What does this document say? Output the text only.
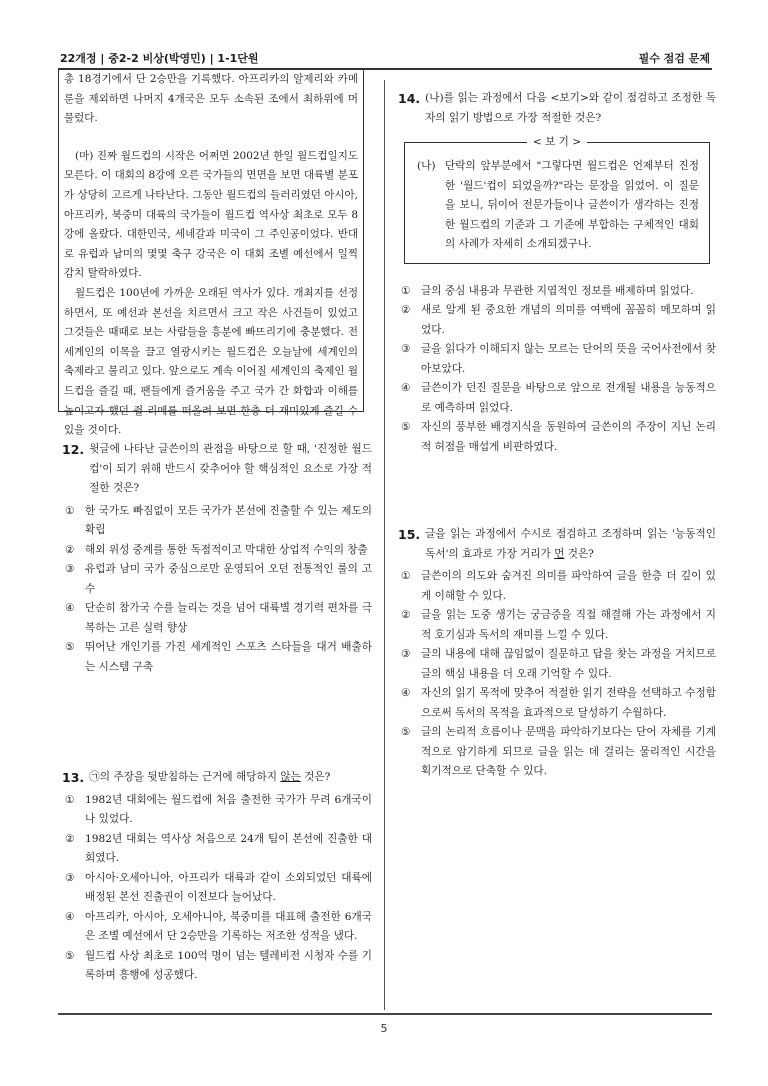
22개정 | 중2-2 비상(박영민) | 1-1단원	필수 점검 문제

총 18경기에서 단 2승만을 기록했다. 아프리카의 알제리와 카메룬을 제외하면 나머지 4개국은 모두 소속된 조에서 최하위에 머물렀다.

(마) 진짜 월드컵의 시작은 어쩌면 2002년 한일 월드컵일지도 모른다. 이 대회의 8강에 오른 국가들의 면면을 보면 대륙별 분포가 상당히 고르게 나타난다. 그동안 월드컵의 들러리였던 아시아, 아프리카, 북중미 대륙의 국가들이 월드컵 역사상 최초로 모두 8강에 올랐다. 대한민국, 세네갈과 미국이 그 주인공이었다. 반대로 유럽과 남미의 몇몇 축구 강국은 이 대회 조별 예선에서 일찍감치 탈락하였다.

월드컵은 100년에 가까운 오래된 역사가 있다. 개최지를 선정하면서, 또 예선과 본선을 치르면서 크고 작은 사건들이 있었고 그것들은 때때로 보는 사람들을 흥분에 빠뜨리기에 충분했다. 전 세계인의 이목을 끌고 열광시키는 월드컵은 오늘날에 세계인의 축제라고 불리고 있다. 앞으로도 계속 이어질 세계인의 축제인 월드컵을 즐길 때, 팬들에게 즐거움을 주고 국가 간 화합과 이해를 높이고자 했던 쥘 리메를 떠올려 보면 한층 더 재미있게 즐길 수 있을 것이다.

12. 윗글에 나타난 글쓴이의 관점을 바탕으로 할 때, '진정한 월드컵'이 되기 위해 반드시 갖추어야 할 핵심적인 요소로 가장 적절한 것은?
① 한 국가도 빠짐없이 모든 국가가 본선에 진출할 수 있는 제도의 확립
② 해외 위성 중계를 통한 독점적이고 막대한 상업적 수익의 창출
③ 유럽과 남미 국가 중심으로만 운영되어 오던 전통적인 룰의 고수
④ 단순히 참가국 수를 늘리는 것을 넘어 대륙별 경기력 편차를 극복하는 고른 실력 향상
⑤ 뛰어난 개인기를 가진 세계적인 스포츠 스타들을 대거 배출하는 시스템 구축
13. ㉠의 주장을 뒷받침하는 근거에 해당하지 않는 것은?
① 1982년 대회에는 월드컵에 처음 출전한 국가가 무려 6개국이나 있었다.
② 1982년 대회는 역사상 처음으로 24개 팀이 본선에 진출한 대회였다.
③ 아시아·오세아니아, 아프리카 대륙과 같이 소외되었던 대륙에 배정된 본선 진출권이 이전보다 늘어났다.
④ 아프리카, 아시아, 오세아니아, 북중미를 대표해 출전한 6개국은 조별 예선에서 단 2승만을 기록하는 저조한 성적을 냈다.
⑤ 월드컵 사상 최초로 100억 명이 넘는 텔레비전 시청자 수를 기록하며 흥행에 성공했다.
14. (나)를 읽는 과정에서 다음 <보기>와 같이 점검하고 조정한 독자의 읽기 방법으로 가장 적절한 것은?
< 보 기 >
(나) 단락의 앞부분에서 "그렇다면 월드컵은 언제부터 진정한 '월드'컵이 되었을까?"라는 문장을 읽었어. 이 질문을 보니, 뒤이어 전문가들이나 글쓴이가 생각하는 진정한 월드컵의 기준과 그 기준에 부합하는 구체적인 대회의 사례가 자세히 소개되겠구나.

① 글의 중심 내용과 무관한 지엽적인 정보를 배제하며 읽었다.
② 새로 알게 된 중요한 개념의 의미를 여백에 꼼꼼히 메모하며 읽었다.
③ 글을 읽다가 이해되지 않는 모르는 단어의 뜻을 국어사전에서 찾아보았다.
④ 글쓴이가 던진 질문을 바탕으로 앞으로 전개될 내용을 능동적으로 예측하며 읽었다.
⑤ 자신의 풍부한 배경지식을 동원하여 글쓴이의 주장이 지닌 논리적 허점을 매섭게 비판하였다.
15. 글을 읽는 과정에서 수시로 점검하고 조정하며 읽는 '능동적인 독서'의 효과로 가장 거리가 먼 것은?
① 글쓴이의 의도와 숨겨진 의미를 파악하여 글을 한층 더 깊이 있게 이해할 수 있다.
② 글을 읽는 도중 생기는 궁금증을 직접 해결해 가는 과정에서 지적 호기심과 독서의 재미를 느낄 수 있다.
③ 글의 내용에 대해 끊임없이 질문하고 답을 찾는 과정을 거치므로 글의 핵심 내용을 더 오래 기억할 수 있다.
④ 자신의 읽기 목적에 맞추어 적절한 읽기 전략을 선택하고 수정함으로써 독서의 목적을 효과적으로 달성하기 수월하다.
⑤ 글의 논리적 흐름이나 문맥을 파악하기보다는 단어 자체를 기계적으로 암기하게 되므로 글을 읽는 데 걸리는 물리적인 시간을 획기적으로 단축할 수 있다.
5
